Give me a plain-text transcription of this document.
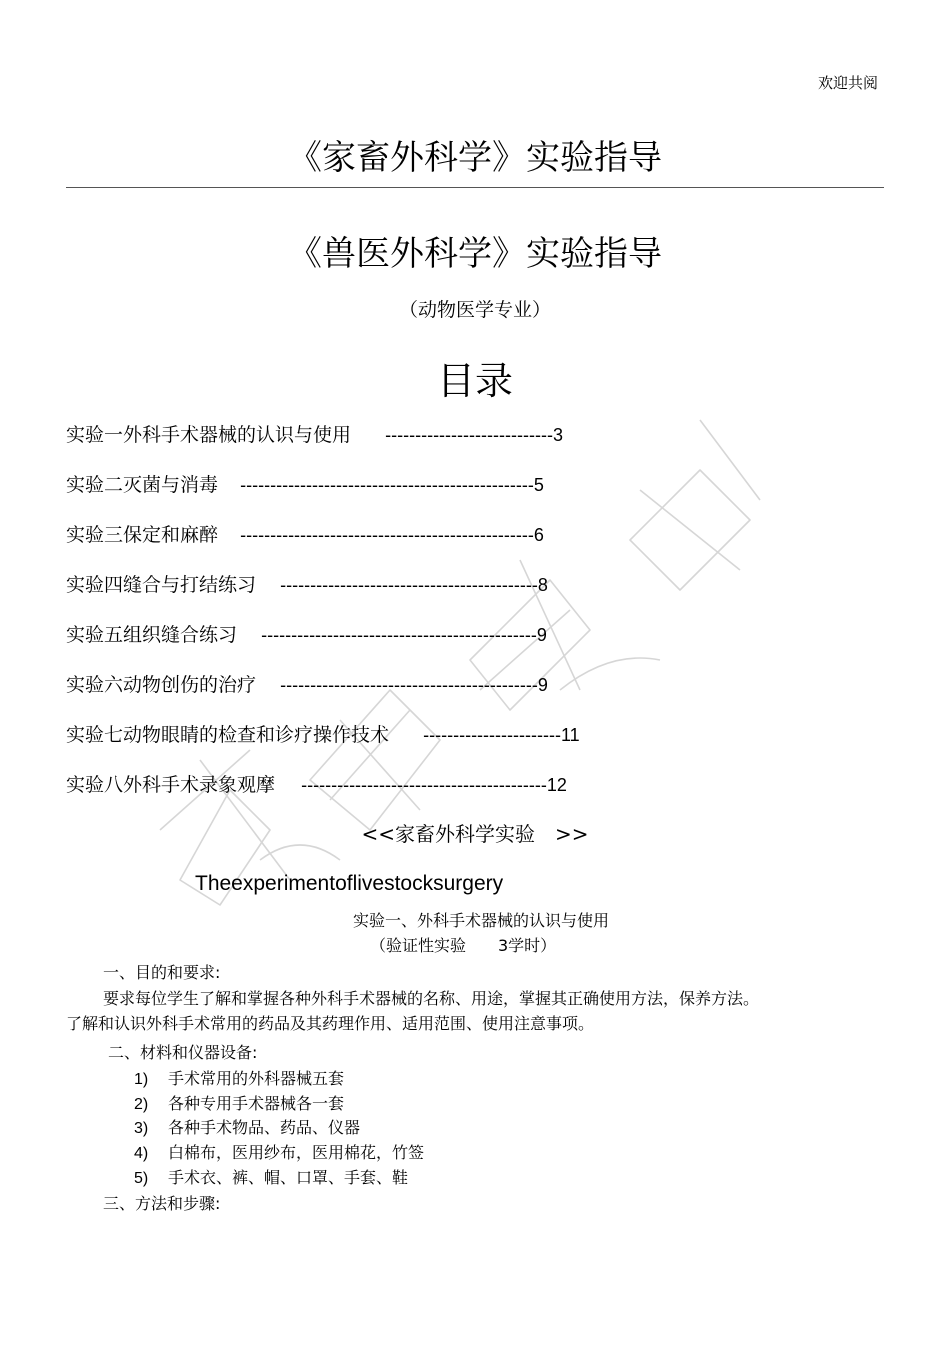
欢迎共阅
《家畜外科学》实验指导
《兽医外科学》实验指导
（动物医学专业）
目录
实验一外科手术器械的认识与使用 ----------------------------3
实验二灭菌与消毒 -------------------------------------------------5
实验三保定和麻醉 -------------------------------------------------6
实验四缝合与打结练习 -------------------------------------------8
实验五组织缝合练习 ----------------------------------------------9
实验六动物创伤的治疗 -------------------------------------------9
实验七动物眼睛的检查和诊疗操作技术 -----------------------11
实验八外科手术录象观摩 -----------------------------------------12
<<家畜外科学实验　>>
Theexperimentoflivestocksurgery
实验一、外科手术器械的认识与使用
（验证性实验　　3学时）
一、目的和要求:
要求每位学生了解和掌握各种外科手术器械的名称、用途，掌握其正确使用方法，保养方法。
了解和认识外科手术常用的药品及其药理作用、适用范围、使用注意事项。
二、材料和仪器设备:
1) 手术常用的外科器械五套
2) 各种专用手术器械各一套
3) 各种手术物品、药品、仪器
4) 白棉布，医用纱布，医用棉花，竹签
5) 手术衣、裤、帽、口罩、手套、鞋
三、方法和步骤:
